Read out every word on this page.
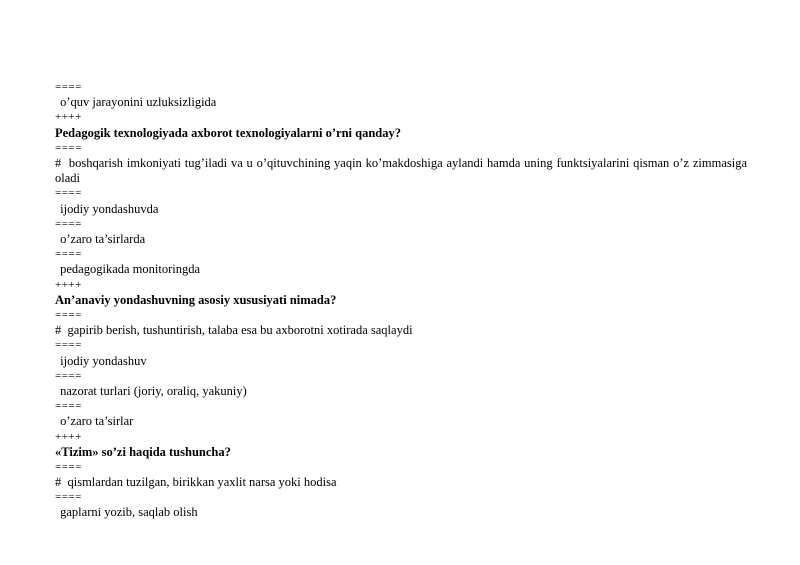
====
o’quv jarayonini uzluksizligida
++++
Pedagogik texnologiyada axborot texnologiyalarni o’rni qanday?
====
#  boshqarish imkoniyati tug’iladi va u o’qituvchining yaqin ko’makdoshiga aylandi hamda uning funktsiyalarini qisman o’z zimmasiga oladi
====
ijodiy yondashuvda
====
o’zaro ta’sirlarda
====
pedagogikada monitoringda
++++
An’anaviy yondashuvning asosiy xususiyati nimada?
====
#  gapirib berish, tushuntirish, talaba esa bu axborotni xotirada saqlaydi
====
ijodiy yondashuv
====
nazorat turlari (joriy, oraliq, yakuniy)
====
o’zaro ta’sirlar
++++
«Tizim» so’zi haqida tushuncha?
====
#  qismlardan tuzilgan, birikkan yaxlit narsa yoki hodisa
====
gaplarni yozib, saqlab olish
